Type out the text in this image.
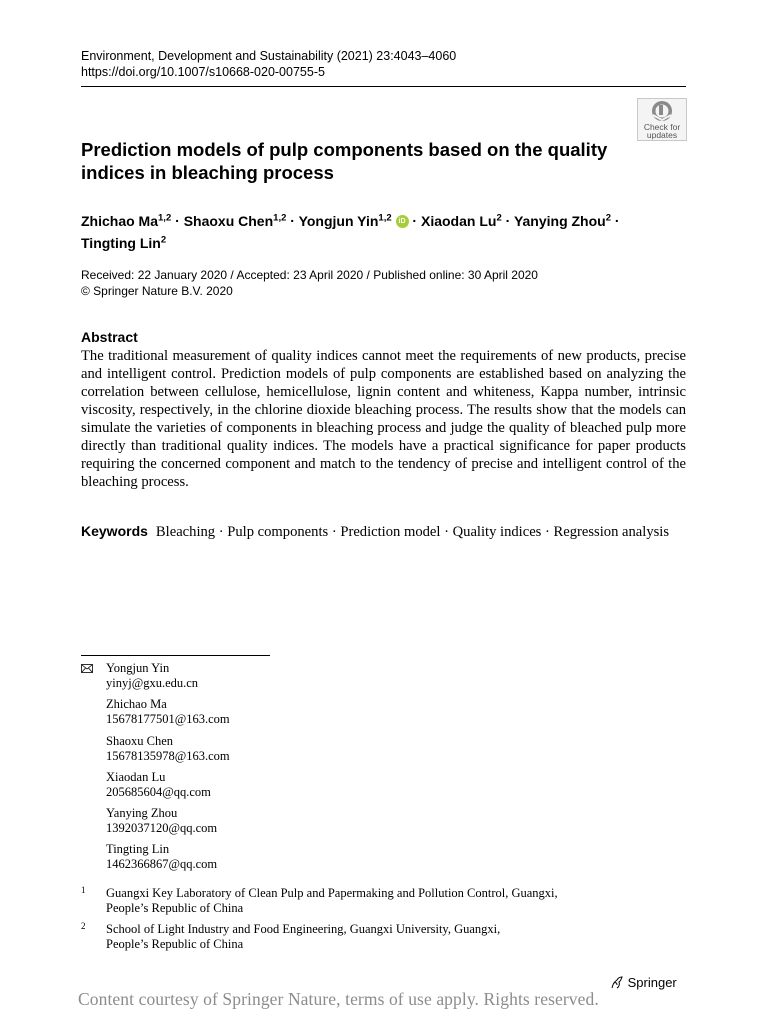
Environment, Development and Sustainability (2021) 23:4043–4060
https://doi.org/10.1007/s10668-020-00755-5
Check for
updates
Prediction models of pulp components based on the quality indices in bleaching process
Zhichao Ma$^{1,2}$ · Shaoxu Chen$^{1,2}$ · Yongjun Yin$^{1,2}$ iD · Xiaodan $Lu^2$ · Yanying Zhou$^2$ ·
Tingting Lin$^2$
Received: 22 January 2020 / Accepted: 23 April 2020 / Published online: 30 April 2020
© Springer Nature B.V. 2020
Abstract
The traditional measurement of quality indices cannot meet the requirements of new products, precise and intelligent control. Prediction models of pulp components are established based on analyzing the correlation between cellulose, hemicellulose, lignin content and whiteness, Kappa number, intrinsic viscosity, respectively, in the chlorine dioxide bleaching process. The results show that the models can simulate the varieties of components in bleaching process and judge the quality of bleached pulp more directly than traditional quality indices. The models have a practical significance for paper products requiring the concerned component and match to the tendency of precise and intelligent control of the bleaching process.
Keywords Bleaching · Pulp components · Prediction model · Quality indices · Regression analysis
Yongjun Yin
yinyj@gxu.edu.cn
Zhichao Ma
15678177501@163.com
Shaoxu Chen
15678135978@163.com
Xiaodan Lu
205685604@qq.com
Yanying Zhou
1392037120@qq.com
Tingting Lin
1462366867@qq.com
1 Guangxi Key Laboratory of Clean Pulp and Papermaking and Pollution Control, Guangxi,
People’s Republic of China
2 School of Light Industry and Food Engineering, Guangxi University, Guangxi,
People’s Republic of China
Springer
Content courtesy of Springer Nature, terms of use apply. Rights reserved.
